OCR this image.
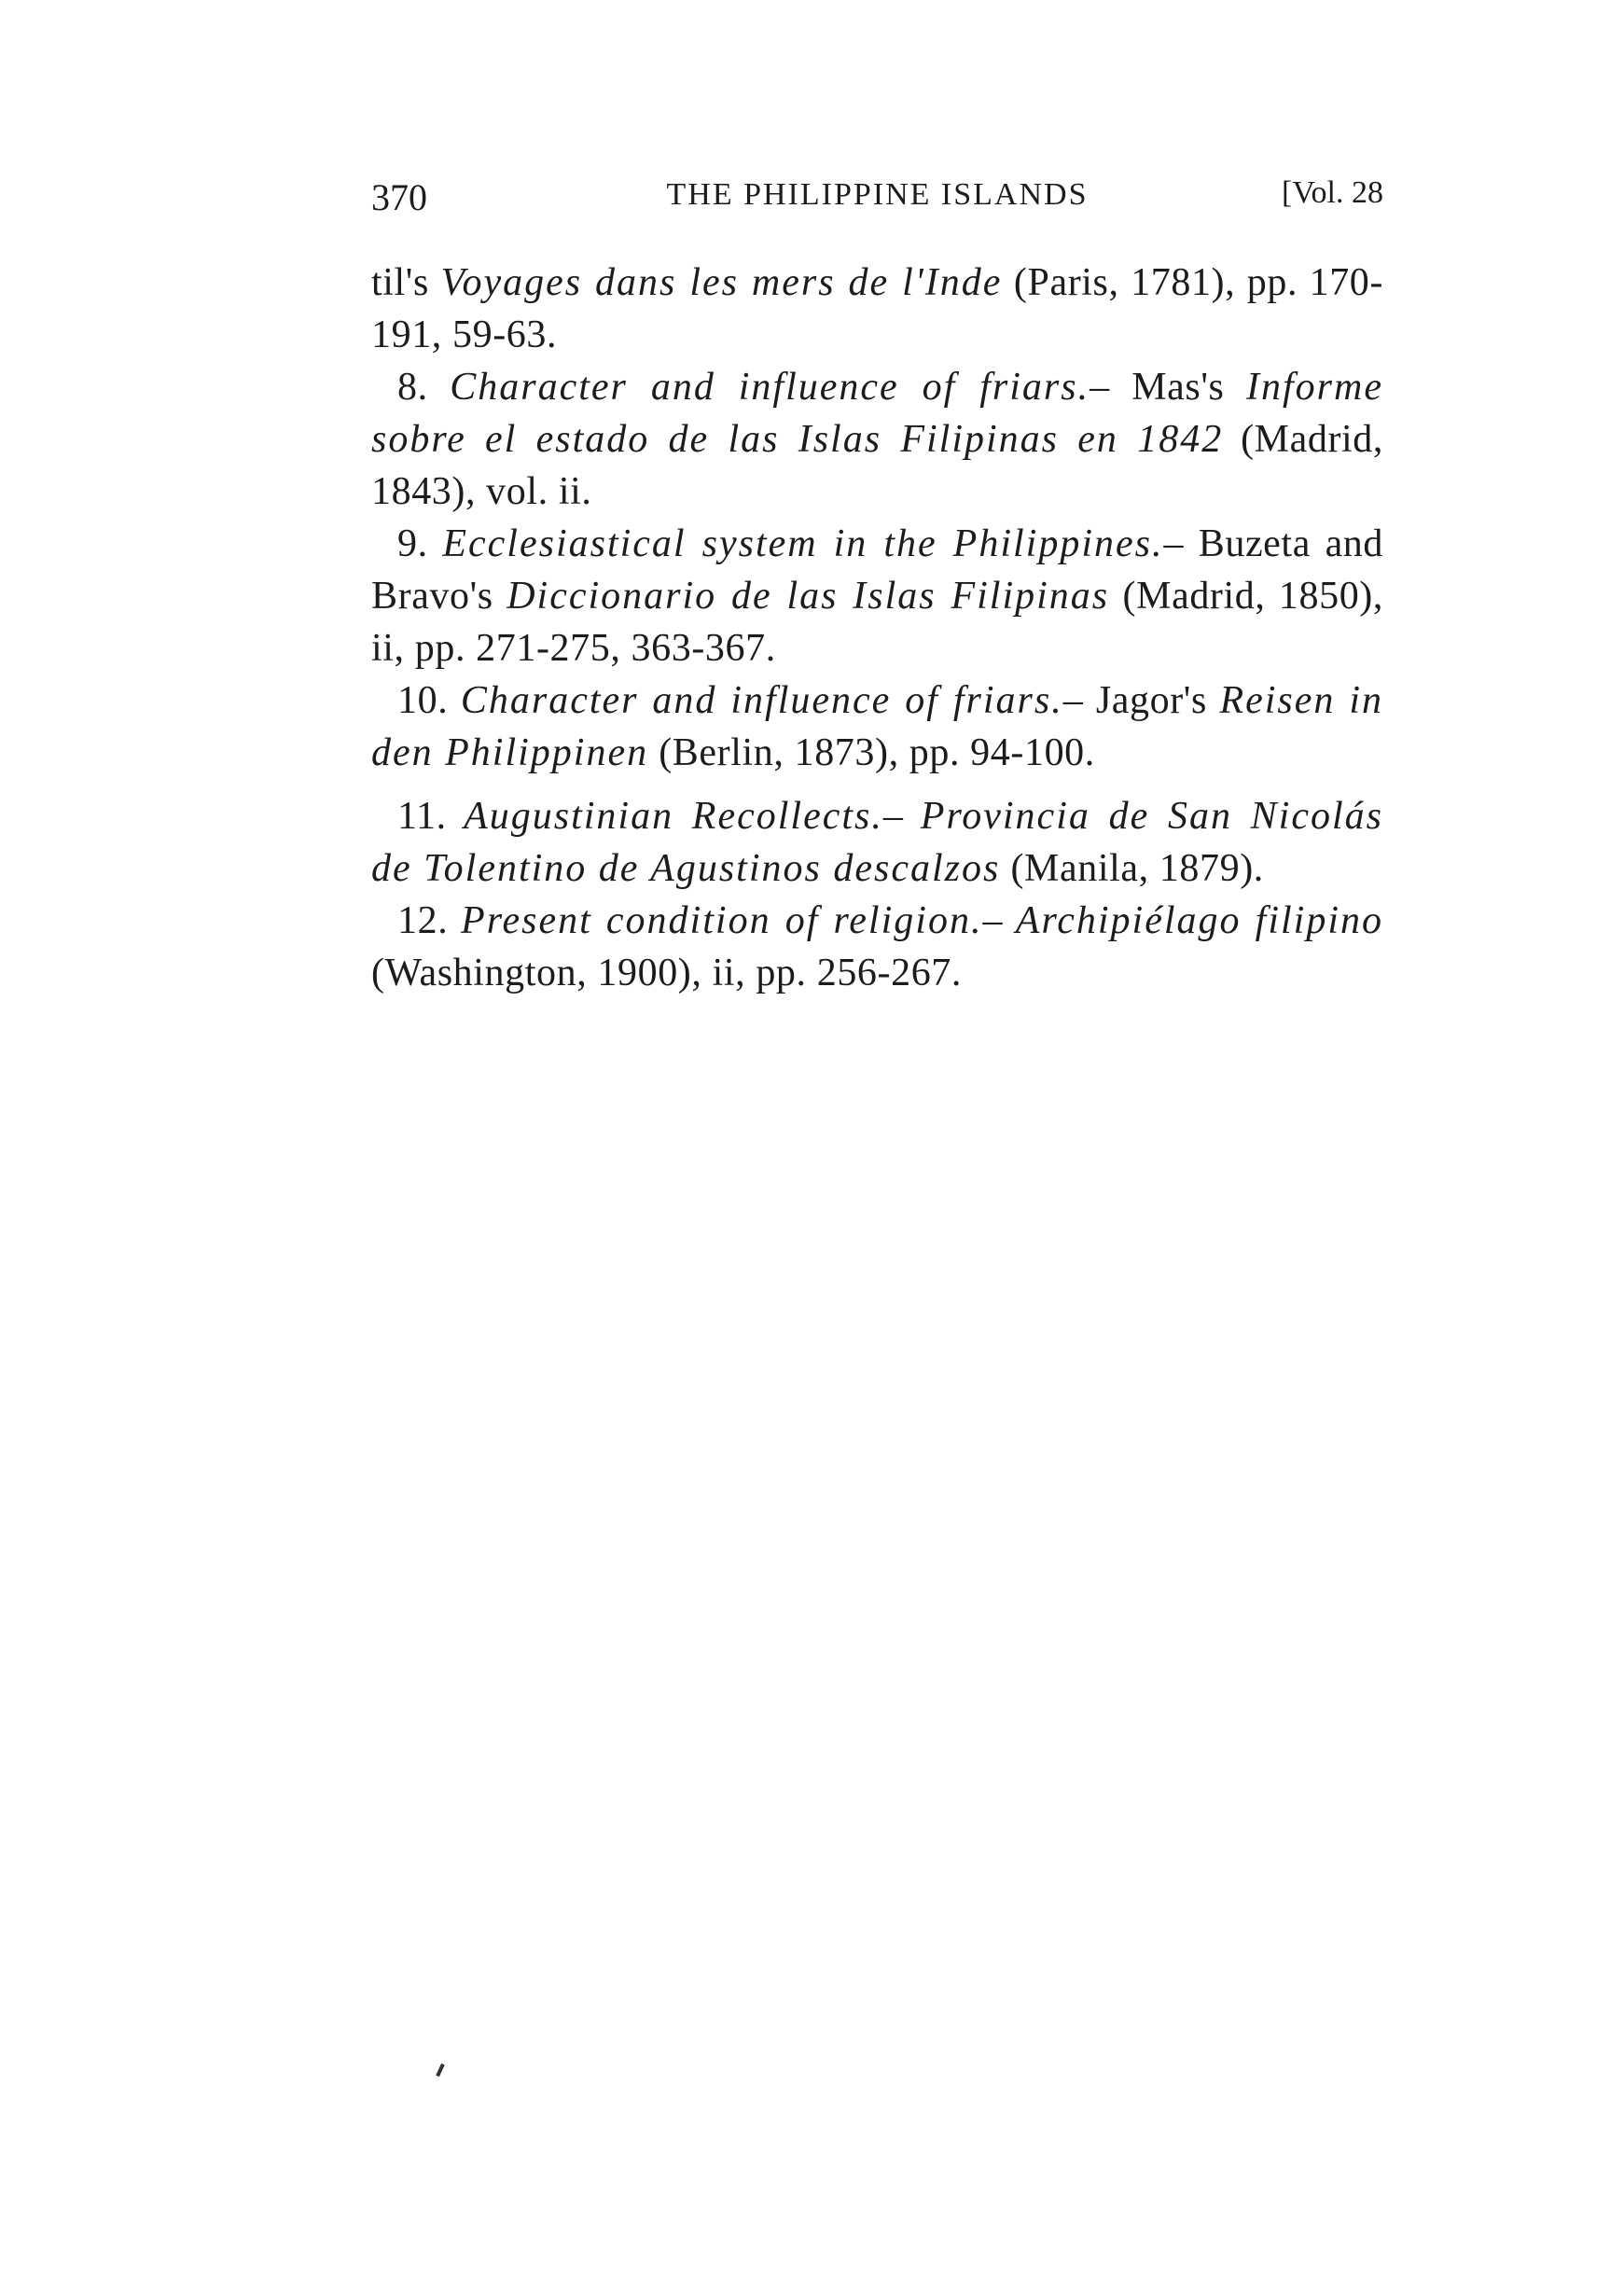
370	THE PHILIPPINE ISLANDS	[Vol. 28

til's Voyages dans les mers de l'Inde (Paris, 1781), pp. 170-191, 59-63.

8. Character and influence of friars.– Mas's Informe sobre el estado de las Islas Filipinas en 1842 (Madrid, 1843), vol. ii.

9. Ecclesiastical system in the Philippines.– Buzeta and Bravo's Diccionario de las Islas Filipinas (Madrid, 1850), ii, pp. 271-275, 363-367.

10. Character and influence of friars.– Jagor's Reisen in den Philippinen (Berlin, 1873), pp. 94-100.

11. Augustinian Recollects.– Provincia de San Nicolás de Tolentino de Agustinos descalzos (Manila, 1879).

12. Present condition of religion.– Archipiélago filipino (Washington, 1900), ii, pp. 256-267.
